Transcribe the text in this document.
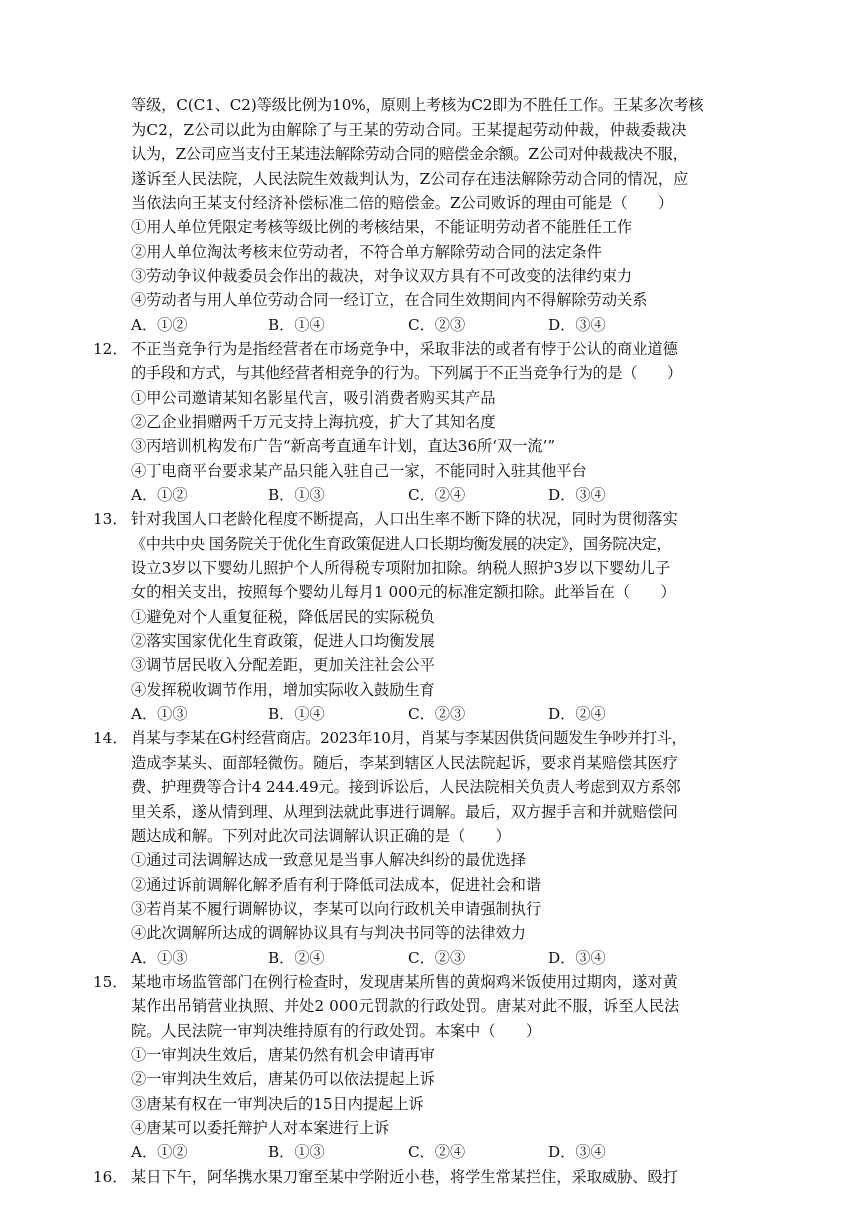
等级，C(C1、C2)等级比例为10%，原则上考核为C2即为不胜任工作。王某多次考核
为C2，Z公司以此为由解除了与王某的劳动合同。王某提起劳动仲裁，仲裁委裁决
认为，Z公司应当支付王某违法解除劳动合同的赔偿金余额。Z公司对仲裁裁决不服，
遂诉至人民法院，人民法院生效裁判认为，Z公司存在违法解除劳动合同的情况，应
当依法向王某支付经济补偿标准二倍的赔偿金。Z公司败诉的理由可能是（　　）
①用人单位凭限定考核等级比例的考核结果，不能证明劳动者不能胜任工作
②用人单位淘汰考核末位劳动者，不符合单方解除劳动合同的法定条件
③劳动争议仲裁委员会作出的裁决，对争议双方具有不可改变的法律约束力
④劳动者与用人单位劳动合同一经订立，在合同生效期间内不得解除劳动关系
A．①②	B．①④	C．②③	D．③④
12． 不正当竞争行为是指经营者在市场竞争中，采取非法的或者有悖于公认的商业道德
的手段和方式，与其他经营者相竞争的行为。下列属于不正当竞争行为的是（　　）
①甲公司邀请某知名影星代言，吸引消费者购买其产品
②乙企业捐赠两千万元支持上海抗疫，扩大了其知名度
③丙培训机构发布广告“新高考直通车计划，直达36所‘双一流’”
④丁电商平台要求某产品只能入驻自己一家，不能同时入驻其他平台
A．①②	B．①③	C．②④	D．③④
13． 针对我国人口老龄化程度不断提高，人口出生率不断下降的状况，同时为贯彻落实
《中共中央 国务院关于优化生育政策促进人口长期均衡发展的决定》，国务院决定，
设立3岁以下婴幼儿照护个人所得税专项附加扣除。纳税人照护3岁以下婴幼儿子
女的相关支出，按照每个婴幼儿每月1 000元的标准定额扣除。此举旨在（　　）
①避免对个人重复征税，降低居民的实际税负
②落实国家优化生育政策，促进人口均衡发展
③调节居民收入分配差距，更加关注社会公平
④发挥税收调节作用，增加实际收入鼓励生育
A．①③	B．①④	C．②③	D．②④
14． 肖某与李某在G村经营商店。2023年10月，肖某与李某因供货问题发生争吵并打斗，
造成李某头、面部轻微伤。随后，李某到辖区人民法院起诉，要求肖某赔偿其医疗
费、护理费等合计4 244.49元。接到诉讼后，人民法院相关负责人考虑到双方系邻
里关系，遂从情到理、从理到法就此事进行调解。最后，双方握手言和并就赔偿问
题达成和解。下列对此次司法调解认识正确的是（　　）
①通过司法调解达成一致意见是当事人解决纠纷的最优选择
②通过诉前调解化解矛盾有利于降低司法成本，促进社会和谐
③若肖某不履行调解协议，李某可以向行政机关申请强制执行
④此次调解所达成的调解协议具有与判决书同等的法律效力
A．①③	B．②④	C．②③	D．③④
15． 某地市场监管部门在例行检查时，发现唐某所售的黄焖鸡米饭使用过期肉，遂对黄
某作出吊销营业执照、并处2 000元罚款的行政处罚。唐某对此不服，诉至人民法
院。人民法院一审判决维持原有的行政处罚。本案中（　　）
①一审判决生效后，唐某仍然有机会申请再审
②一审判决生效后，唐某仍可以依法提起上诉
③唐某有权在一审判决后的15日内提起上诉
④唐某可以委托辩护人对本案进行上诉
A．①②	B．①③	C．②④	D．③④
16． 某日下午，阿华携水果刀窜至某中学附近小巷，将学生常某拦住，采取威胁、殴打
